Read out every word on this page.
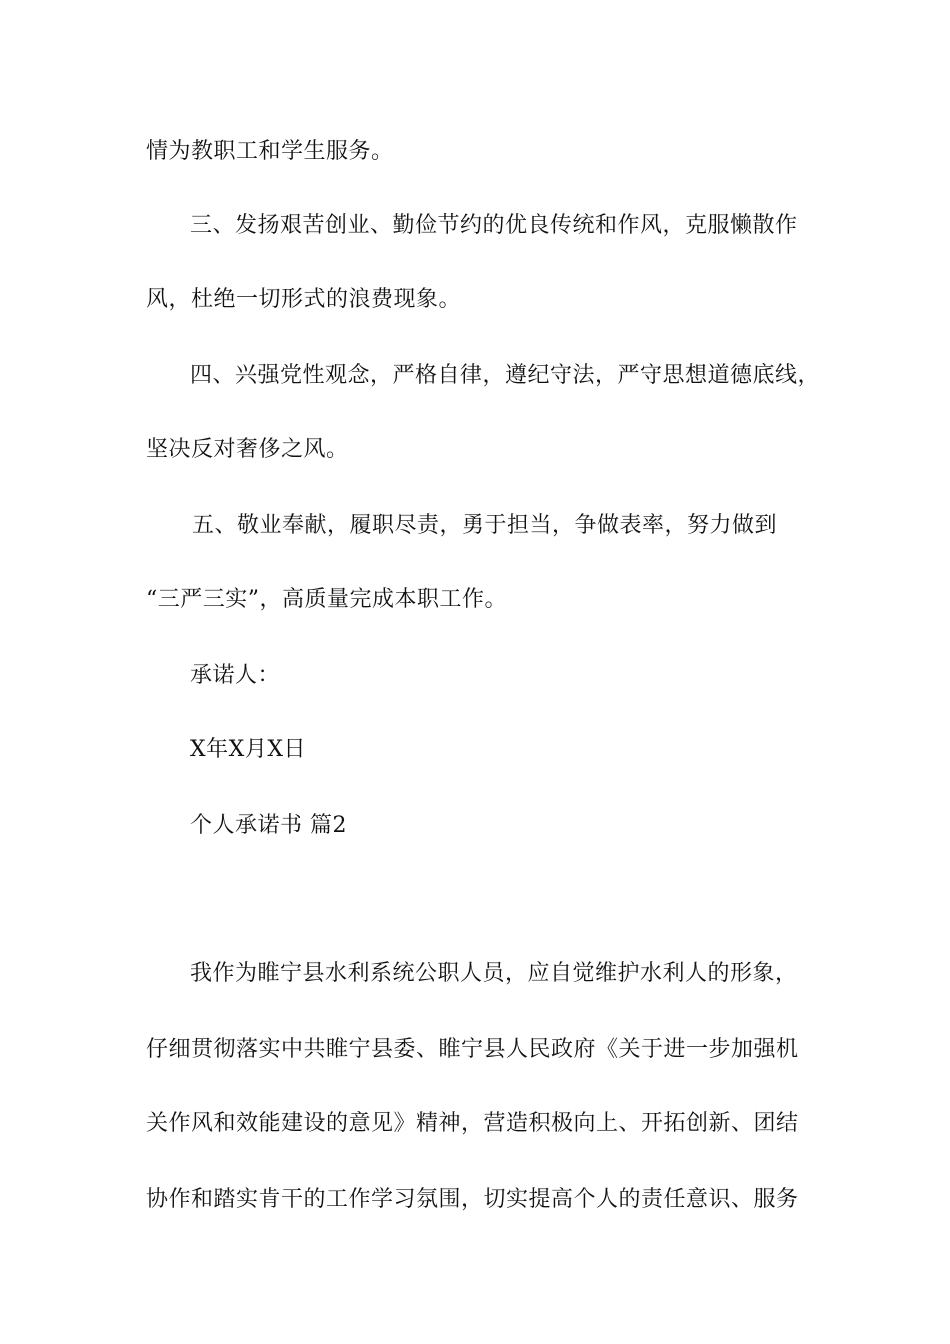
情为教职工和学生服务。
三、发扬艰苦创业、勤俭节约的优良传统和作风，克服懒散作
风，杜绝一切形式的浪费现象。
四、兴强党性观念，严格自律，遵纪守法，严守思想道德底线，
坚决反对奢侈之风。
五、敬业奉献，履职尽责，勇于担当，争做表率，努力做到
“三严三实”，高质量完成本职工作。
承诺人：
X年X月X日
个人承诺书 篇2
我作为睢宁县水利系统公职人员，应自觉维护水利人的形象，
仔细贯彻落实中共睢宁县委、睢宁县人民政府《关于进一步加强机
关作风和效能建设的意见》精神，营造积极向上、开拓创新、团结
协作和踏实肯干的工作学习氛围，切实提高个人的责任意识、服务
